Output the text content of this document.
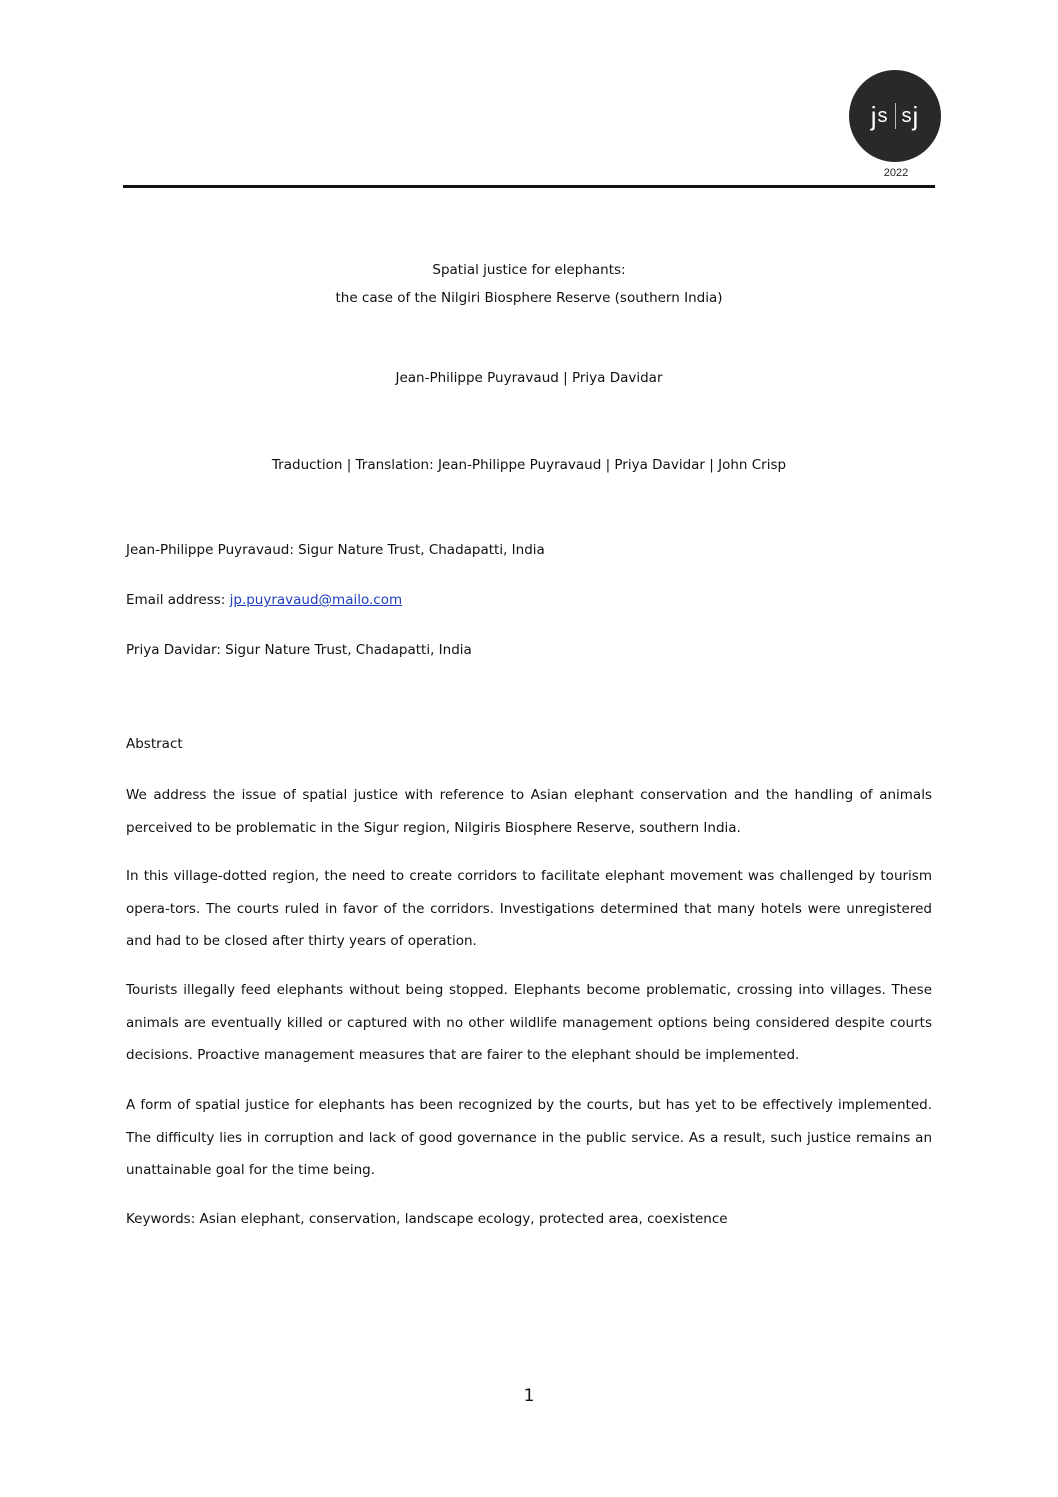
j s s j
2022
Spatial justice for elephants:
the case of the Nilgiri Biosphere Reserve (southern India)
Jean-Philippe Puyravaud | Priya Davidar
Traduction | Translation: Jean-Philippe Puyravaud | Priya Davidar | John Crisp
Jean-Philippe Puyravaud: Sigur Nature Trust, Chadapatti, India
Email address: jp.puyravaud@mailo.com
Priya Davidar: Sigur Nature Trust, Chadapatti, India
Abstract
We address the issue of spatial justice with reference to Asian elephant conservation and the handling of animals perceived to be problematic in the Sigur region, Nilgiris Biosphere Reserve, southern India.
In this village-dotted region, the need to create corridors to facilitate elephant movement was challenged by tourism opera-tors. The courts ruled in favor of the corridors. Investigations determined that many hotels were unregistered and had to be closed after thirty years of operation.
Tourists illegally feed elephants without being stopped. Elephants become problematic, crossing into villages. These animals are eventually killed or captured with no other wildlife management options being considered despite courts decisions. Proactive management measures that are fairer to the elephant should be implemented.
A form of spatial justice for elephants has been recognized by the courts, but has yet to be effectively implemented. The difficulty lies in corruption and lack of good governance in the public service. As a result, such justice remains an unattainable goal for the time being.
Keywords: Asian elephant, conservation, landscape ecology, protected area, coexistence
1
